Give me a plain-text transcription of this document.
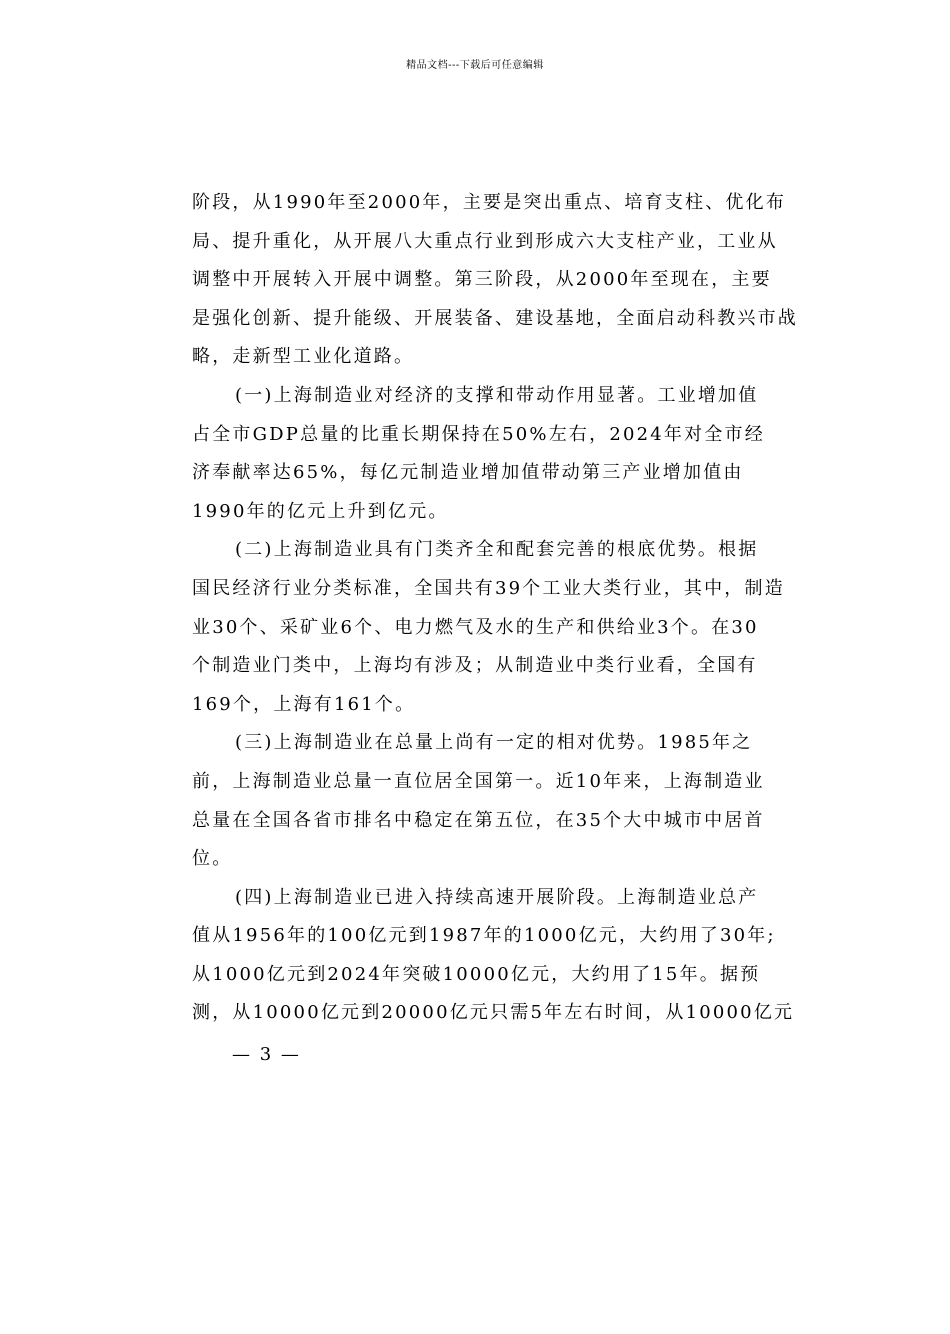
精品文档---下载后可任意编辑
阶段，从1990年至2000年，主要是突出重点、培育支柱、优化布
局、提升重化，从开展八大重点行业到形成六大支柱产业，工业从
调整中开展转入开展中调整。第三阶段，从2000年至现在，主要
是强化创新、提升能级、开展装备、建设基地，全面启动科教兴市战
略，走新型工业化道路。
(一)上海制造业对经济的支撑和带动作用显著。工业增加值
占全市GDP总量的比重长期保持在50%左右，2024年对全市经
济奉献率达65%，每亿元制造业增加值带动第三产业增加值由
1990年的亿元上升到亿元。
(二)上海制造业具有门类齐全和配套完善的根底优势。根据
国民经济行业分类标准，全国共有39个工业大类行业，其中，制造
业30个、采矿业6个、电力燃气及水的生产和供给业3个。在30
个制造业门类中，上海均有涉及；从制造业中类行业看，全国有
169个，上海有161个。
(三)上海制造业在总量上尚有一定的相对优势。1985年之
前，上海制造业总量一直位居全国第一。近10年来，上海制造业
总量在全国各省市排名中稳定在第五位，在35个大中城市中居首
位。
(四)上海制造业已进入持续高速开展阶段。上海制造业总产
值从1956年的100亿元到1987年的1000亿元，大约用了30年;
从1000亿元到2024年突破10000亿元，大约用了15年。据预
测，从10000亿元到20000亿元只需5年左右时间，从10000亿元
— 3 —
